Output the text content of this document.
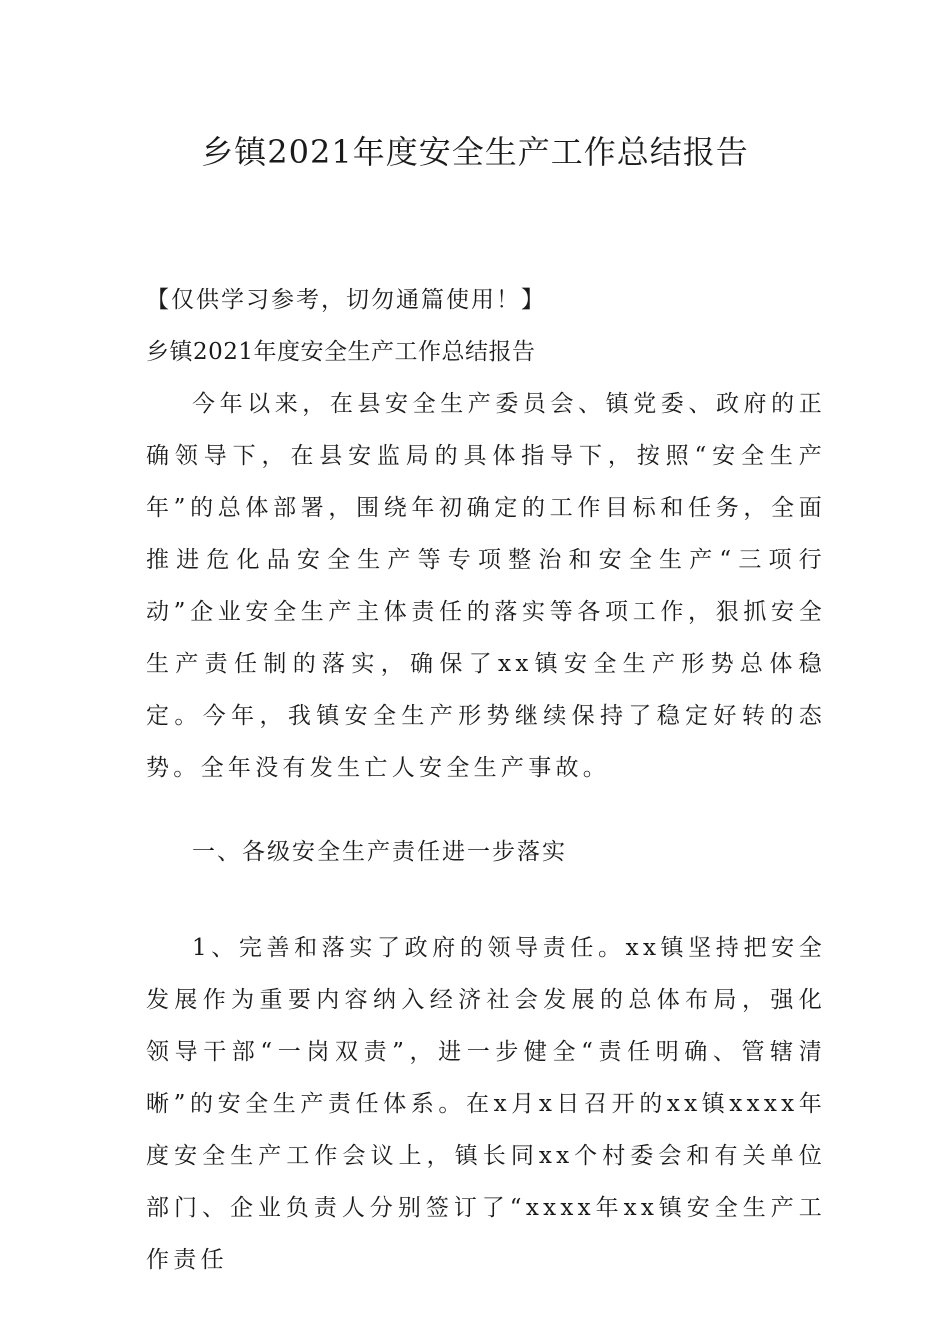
乡镇2021年度安全生产工作总结报告

【仅供学习参考，切勿通篇使用！】

乡镇2021年度安全生产工作总结报告

今年以来，在县安全生产委员会、镇党委、政府的正确领导下，在县安监局的具体指导下，按照“安全生产年”的总体部署，围绕年初确定的工作目标和任务，全面推进危化品安全生产等专项整治和安全生产“三项行动”企业安全生产主体责任的落实等各项工作，狠抓安全生产责任制的落实，确保了xx镇安全生产形势总体稳定。今年，我镇安全生产形势继续保持了稳定好转的态势。全年没有发生亡人安全生产事故。

一、各级安全生产责任进一步落实

1、完善和落实了政府的领导责任。xx镇坚持把安全发展作为重要内容纳入经济社会发展的总体布局，强化领导干部“一岗双责”，进一步健全“责任明确、管辖清晰”的安全生产责任体系。在x月x日召开的xx镇xxxx年度安全生产工作会议上，镇长同xx个村委会和有关单位部门、企业负责人分别签订了“xxxx年xx镇安全生产工作责任
